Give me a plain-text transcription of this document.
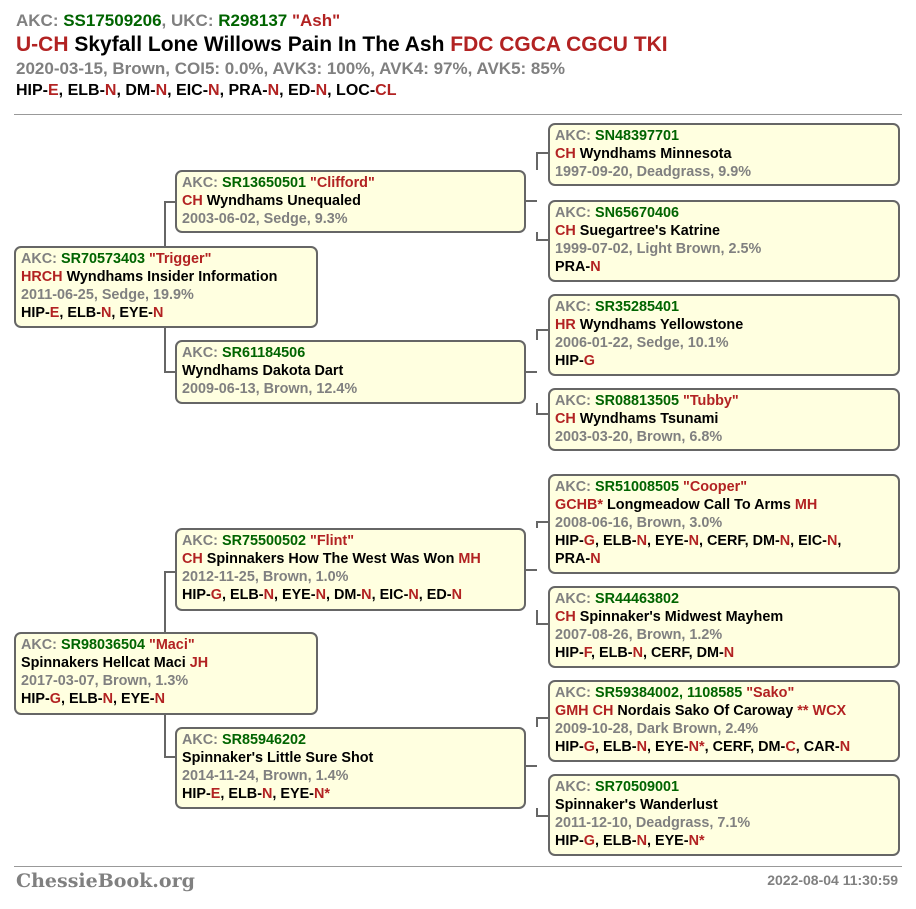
AKC: SS17509206, UKC: R298137 "Ash"
U-CH Skyfall Lone Willows Pain In The Ash FDC CGCA CGCU TKI
2020-03-15, Brown, COI5: 0.0%, AVK3: 100%, AVK4: 97%, AVK5: 85%
HIP-E, ELB-N, DM-N, EIC-N, PRA-N, ED-N, LOC-CL
AKC: SR70573403 "Trigger"
HRCH Wyndhams Insider Information
2011-06-25, Sedge, 19.9%
HIP-E, ELB-N, EYE-N
AKC: SR98036504 "Maci"
Spinnakers Hellcat Maci JH
2017-03-07, Brown, 1.3%
HIP-G, ELB-N, EYE-N
AKC: SR13650501 "Clifford"
CH Wyndhams Unequaled
2003-06-02, Sedge, 9.3%
AKC: SR61184506
Wyndhams Dakota Dart
2009-06-13, Brown, 12.4%
AKC: SR75500502 "Flint"
CH Spinnakers How The West Was Won MH
2012-11-25, Brown, 1.0%
HIP-G, ELB-N, EYE-N, DM-N, EIC-N, ED-N
AKC: SR85946202
Spinnaker's Little Sure Shot
2014-11-24, Brown, 1.4%
HIP-E, ELB-N, EYE-N*
AKC: SN48397701
CH Wyndhams Minnesota
1997-09-20, Deadgrass, 9.9%
AKC: SN65670406
CH Suegartree's Katrine
1999-07-02, Light Brown, 2.5%
PRA-N
AKC: SR35285401
HR Wyndhams Yellowstone
2006-01-22, Sedge, 10.1%
HIP-G
AKC: SR08813505 "Tubby"
CH Wyndhams Tsunami
2003-03-20, Brown, 6.8%
AKC: SR51008505 "Cooper"
GCHB* Longmeadow Call To Arms MH
2008-06-16, Brown, 3.0%
HIP-G, ELB-N, EYE-N, CERF, DM-N, EIC-N,
PRA-N
AKC: SR44463802
CH Spinnaker's Midwest Mayhem
2007-08-26, Brown, 1.2%
HIP-F, ELB-N, CERF, DM-N
AKC: SR59384002, 1108585 "Sako"
GMH CH Nordais Sako Of Caroway ** WCX
2009-10-28, Dark Brown, 2.4%
HIP-G, ELB-N, EYE-N*, CERF, DM-C, CAR-N
AKC: SR70509001
Spinnaker's Wanderlust
2011-12-10, Deadgrass, 7.1%
HIP-G, ELB-N, EYE-N*
ChessieBook.org	2022-08-04 11:30:59
